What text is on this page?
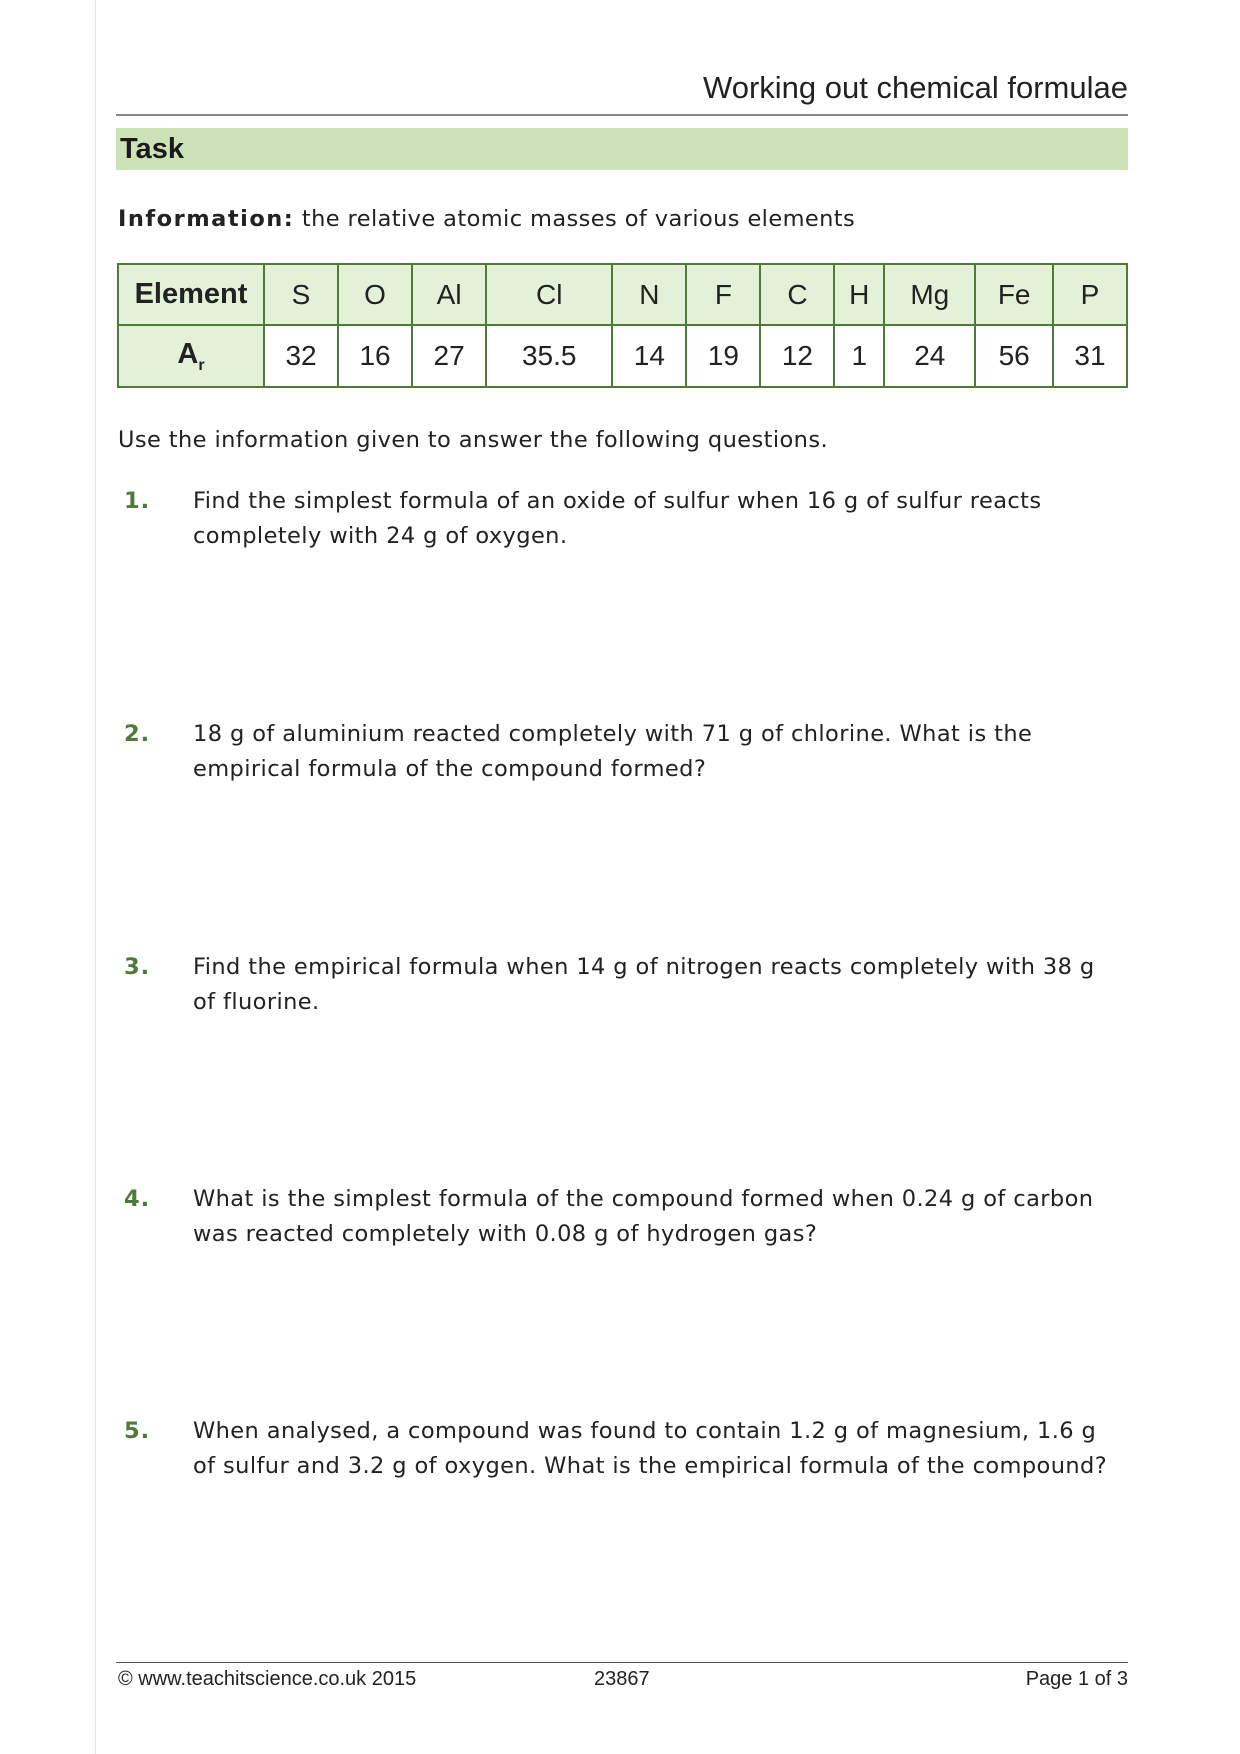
Working out chemical formulae
Task
Information: the relative atomic masses of various elements
Element	S	O	Al	Cl	N	F	C	H	Mg	Fe	P
$A_r$	32	16	27	35.5	14	19	12	1	24	56	31
Use the information given to answer the following questions.
1. Find the simplest formula of an oxide of sulfur when 16 g of sulfur reacts completely with 24 g of oxygen.
2. 18 g of aluminium reacted completely with 71 g of chlorine. What is the empirical formula of the compound formed?
3. Find the empirical formula when 14 g of nitrogen reacts completely with 38 g of fluorine.
4. What is the simplest formula of the compound formed when 0.24 g of carbon was reacted completely with 0.08 g of hydrogen gas?
5. When analysed, a compound was found to contain 1.2 g of magnesium, 1.6 g of sulfur and 3.2 g of oxygen. What is the empirical formula of the compound?
© www.teachitscience.co.uk 2015	23867	Page 1 of 3
